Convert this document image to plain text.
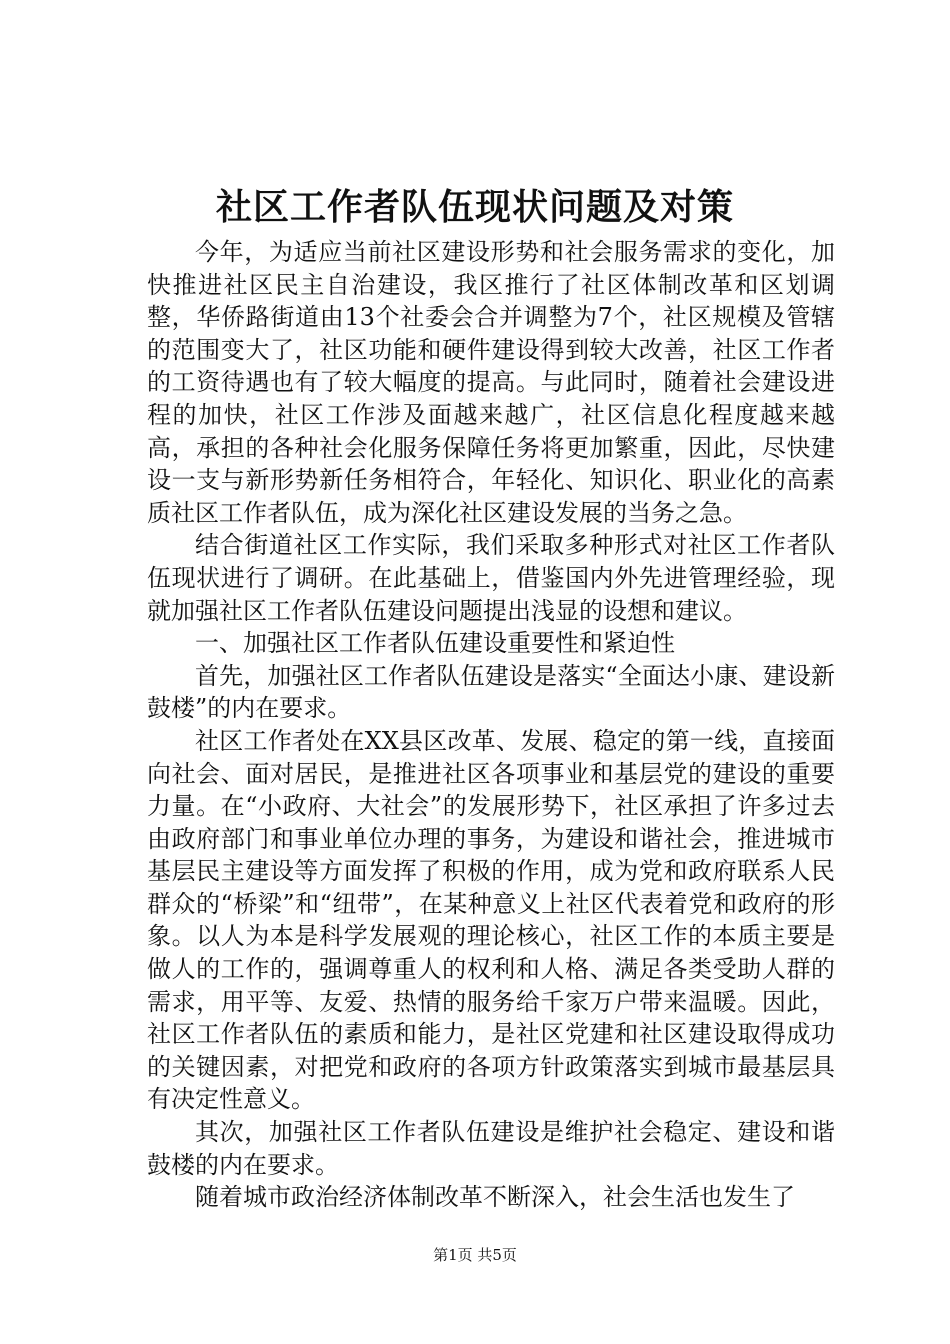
社区工作者队伍现状问题及对策

今年，为适应当前社区建设形势和社会服务需求的变化，加快推进社区民主自治建设，我区推行了社区体制改革和区划调整，华侨路街道由13个社委会合并调整为7个，社区规模及管辖的范围变大了，社区功能和硬件建设得到较大改善，社区工作者的工资待遇也有了较大幅度的提高。与此同时，随着社会建设进程的加快，社区工作涉及面越来越广，社区信息化程度越来越高，承担的各种社会化服务保障任务将更加繁重，因此，尽快建设一支与新形势新任务相符合，年轻化、知识化、职业化的高素质社区工作者队伍，成为深化社区建设发展的当务之急。

结合街道社区工作实际，我们采取多种形式对社区工作者队伍现状进行了调研。在此基础上，借鉴国内外先进管理经验，现就加强社区工作者队伍建设问题提出浅显的设想和建议。

一、加强社区工作者队伍建设重要性和紧迫性

首先，加强社区工作者队伍建设是落实“全面达小康、建设新鼓楼”的内在要求。

社区工作者处在XX县区改革、发展、稳定的第一线，直接面向社会、面对居民，是推进社区各项事业和基层党的建设的重要力量。在“小政府、大社会”的发展形势下，社区承担了许多过去由政府部门和事业单位办理的事务，为建设和谐社会，推进城市基层民主建设等方面发挥了积极的作用，成为党和政府联系人民群众的“桥梁”和“纽带”，在某种意义上社区代表着党和政府的形象。以人为本是科学发展观的理论核心，社区工作的本质主要是做人的工作的，强调尊重人的权利和人格、满足各类受助人群的需求，用平等、友爱、热情的服务给千家万户带来温暖。因此，社区工作者队伍的素质和能力，是社区党建和社区建设取得成功的关键因素，对把党和政府的各项方针政策落实到城市最基层具有决定性意义。

其次，加强社区工作者队伍建设是维护社会稳定、建设和谐鼓楼的内在要求。

随着城市政治经济体制改革不断深入，社会生活也发生了

第1页 共5页
